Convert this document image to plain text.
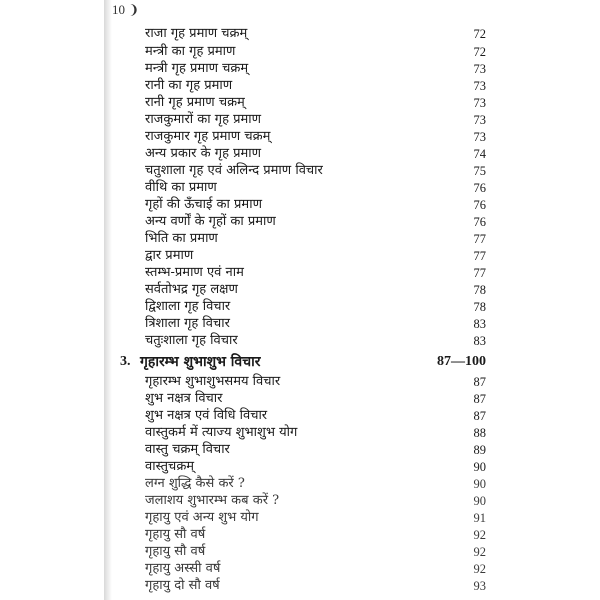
10 ❩
राजा गृह प्रमाण चक्रम्	72
मन्त्री का गृह प्रमाण	72
मन्त्री गृह प्रमाण चक्रम्	73
रानी का गृह प्रमाण	73
रानी गृह प्रमाण चक्रम्	73
राजकुमारों का गृह प्रमाण	73
राजकुमार गृह प्रमाण चक्रम्	73
अन्य प्रकार के गृह प्रमाण	74
चतुशाला गृह एवं अलिन्द प्रमाण विचार	75
वीथि का प्रमाण	76
गृहों की ऊँचाई का प्रमाण	76
अन्य वर्णों के गृहों का प्रमाण	76
भिति का प्रमाण	77
द्वार प्रमाण	77
स्तम्भ-प्रमाण एवं नाम	77
सर्वतोभद्र गृह लक्षण	78
द्विशाला गृह विचार	78
त्रिशाला गृह विचार	83
चतुःशाला गृह विचार	83
3. गृहारम्भ शुभाशुभ विचार	87—100
गृहारम्भ शुभाशुभसमय विचार	87
शुभ नक्षत्र विचार	87
शुभ नक्षत्र एवं विधि विचार	87
वास्तुकर्म में त्याज्य शुभाशुभ योग	88
वास्तु चक्रम् विचार	89
वास्तुचक्रम्	90
लग्न शुद्धि कैसे करें ?	90
जलाशय शुभारम्भ कब करें ?	90
गृहायु एवं अन्य शुभ योग	91
गृहायु सौ वर्ष	92
गृहायु सौ वर्ष	92
गृहायु अस्सी वर्ष	92
गृहायु दो सौ वर्ष	93
